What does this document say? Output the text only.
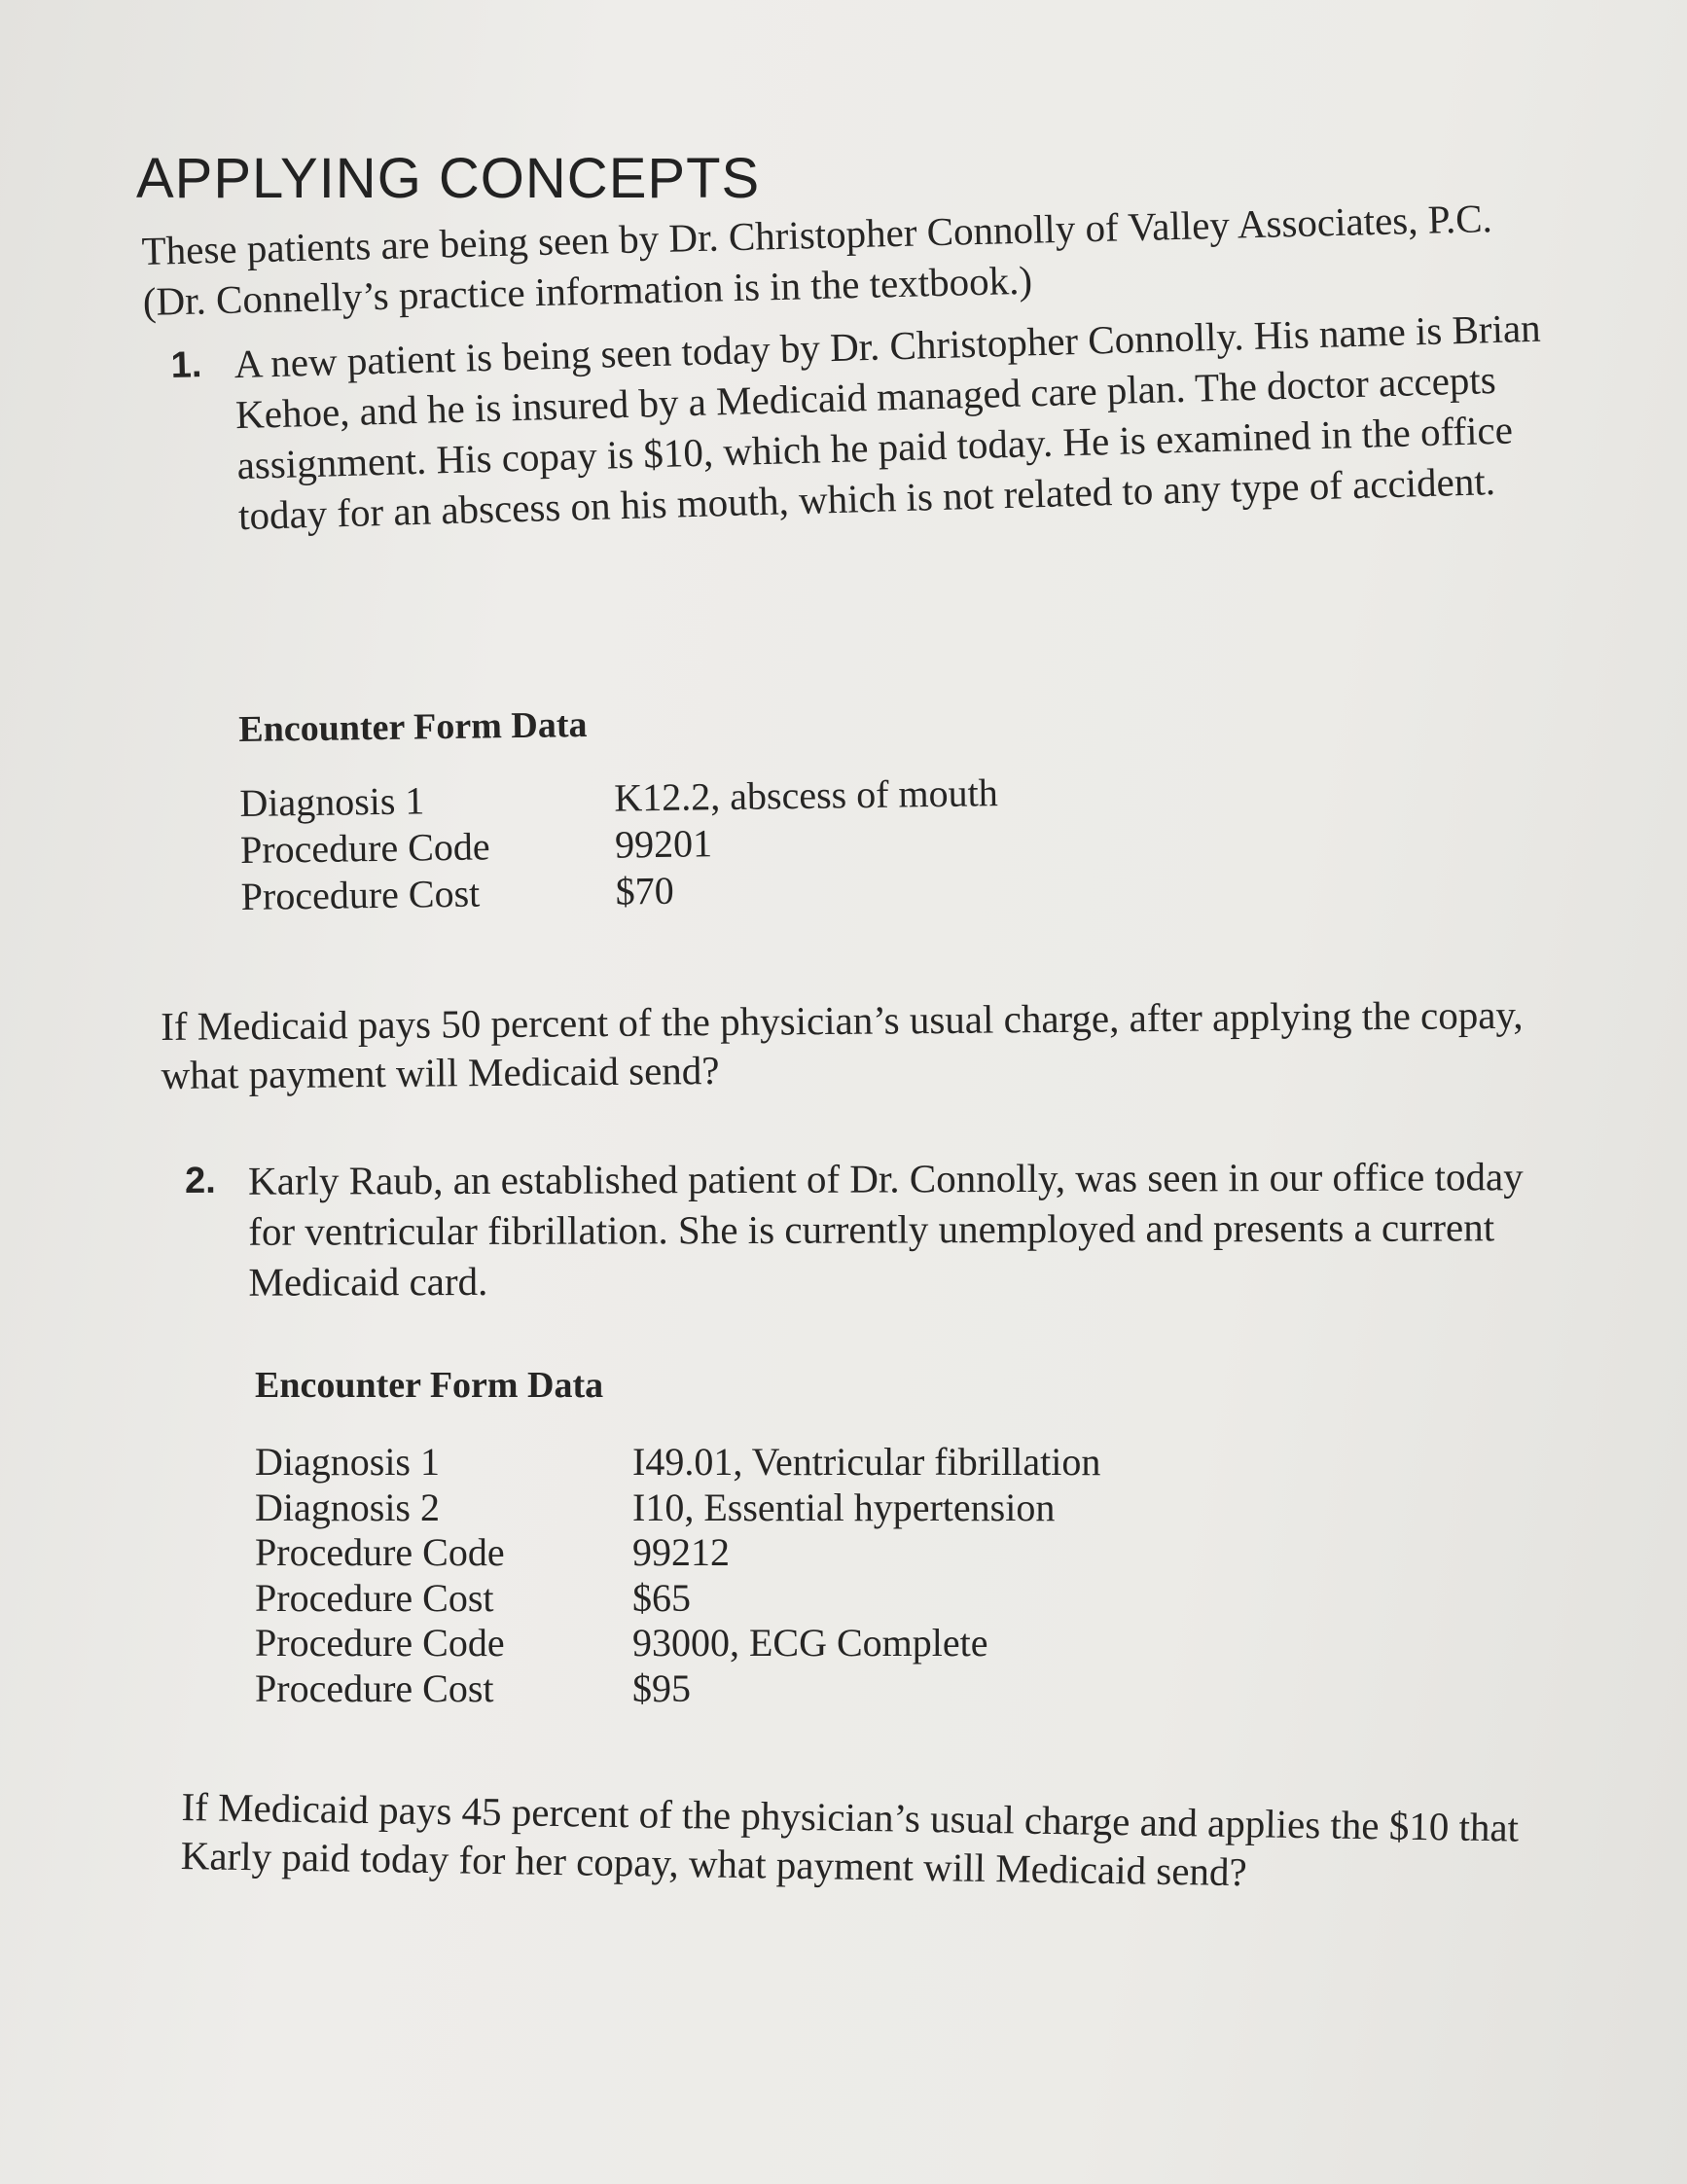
APPLYING CONCEPTS

These patients are being seen by Dr. Christopher Connolly of Valley Associates, P.C. (Dr. Connelly’s practice information is in the textbook.)

1. A new patient is being seen today by Dr. Christopher Connolly. His name is Brian Kehoe, and he is insured by a Medicaid managed care plan. The doctor accepts assignment. His copay is $10, which he paid today. He is examined in the office today for an abscess on his mouth, which is not related to any type of accident.
Encounter Form Data
Diagnosis 1	K12.2, abscess of mouth
Procedure Code	99201
Procedure Cost	$70

If Medicaid pays 50 percent of the physician’s usual charge, after applying the copay, what payment will Medicaid send?

2. Karly Raub, an established patient of Dr. Connolly, was seen in our office today for ventricular fibrillation. She is currently unemployed and presents a current Medicaid card.
Encounter Form Data
Diagnosis 1	I49.01, Ventricular fibrillation
Diagnosis 2	I10, Essential hypertension
Procedure Code	99212
Procedure Cost	$65
Procedure Code	93000, ECG Complete
Procedure Cost	$95

If Medicaid pays 45 percent of the physician’s usual charge and applies the $10 that Karly paid today for her copay, what payment will Medicaid send?
